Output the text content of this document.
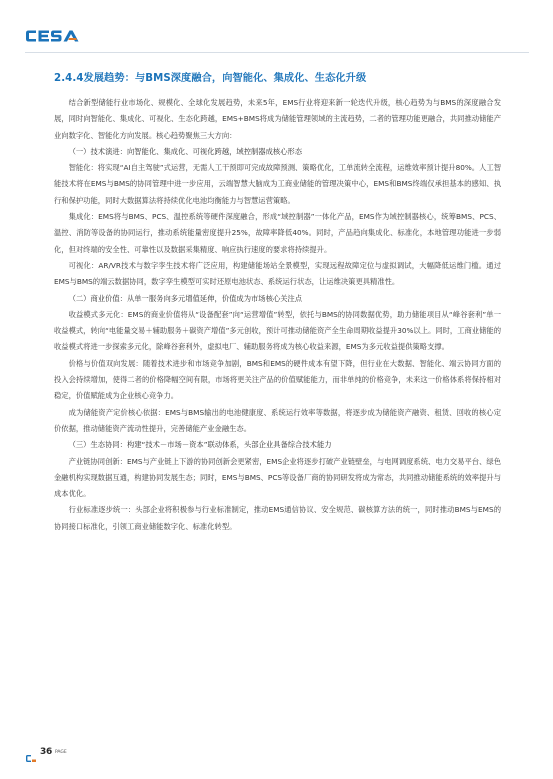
2.4.4发展趋势：与BMS深度融合，向智能化、集成化、生态化升级

结合新型储能行业市场化、规模化、全球化发展趋势，未来5年，EMS行业将迎来新一轮迭代升级，核心趋势为与BMS的深度融合发展，同时向智能化、集成化、可视化、生态化跨越，EMS+BMS将成为储能管理领域的主流趋势，二者的管理功能更融合，共同推动储能产业向数字化、智能化方向发展。核心趋势聚焦三大方向：

（一）技术演进：向智能化、集成化、可视化跨越，域控制器成核心形态

智能化：将实现“AI自主驾驶”式运营，无需人工干预即可完成故障预测、策略优化，工单流转全流程，运维效率预计提升80%。人工智能技术将在EMS与BMS的协同管理中进一步应用，云端智慧大脑成为工商业储能的管理决策中心，EMS和BMS终端仅承担基本的感知、执行和保护功能，同时大数据算法将持续优化电池均衡能力与智慧运营策略。

集成化：EMS将与BMS、PCS、温控系统等硬件深度融合，形成“域控制器”一体化产品，EMS作为域控制器核心，统筹BMS、PCS、温控、消防等设备的协同运行，推动系统能量密度提升25%，故障率降低40%。同时，产品趋向集成化、标准化，本地管理功能进一步弱化，但对终端的安全性、可靠性以及数据采集精度、响应执行速度的要求将持续提升。

可视化：AR/VR技术与数字孪生技术将广泛应用，构建储能场站全景模型，实现远程故障定位与虚拟调试，大幅降低运维门槛。通过EMS与BMS的端云数据协同，数字孪生模型可实时还原电池状态、系统运行状态，让运维决策更具精准性。

（二）商业价值：从单一服务向多元增值延伸，价值成为市场核心关注点

收益模式多元化：EMS的商业价值将从“设备配套”向“运营增值”转型，依托与BMS的协同数据优势，助力储能项目从“峰谷套利”单一收益模式，转向“电能量交易＋辅助服务＋碳资产增值”多元创收，预计可推动储能资产全生命周期收益提升30%以上。同时，工商业储能的收益模式将进一步探索多元化，除峰谷套利外，虚拟电厂、辅助服务将成为核心收益来源，EMS为多元收益提供策略支撑。

价格与价值双向发展：随着技术进步和市场竞争加剧，BMS和EMS的硬件成本有望下降，但行业在大数据、智能化、端云协同方面的投入会持续增加，使得二者的价格降幅空间有限，市场将更关注产品的价值赋能能力，而非单纯的价格竞争，未来这一价格体系将保持相对稳定，价值赋能成为企业核心竞争力。

成为储能资产定价核心依据：EMS与BMS输出的电池健康度、系统运行效率等数据，将逐步成为储能资产融资、租赁、回收的核心定价依据，推动储能资产流动性提升，完善储能产业金融生态。

（三）生态协同：构建“技术－市场－资本”联动体系，头部企业具备综合技术能力

产业链协同创新：EMS与产业链上下游的协同创新会更紧密，EMS企业将逐步打破产业链壁垒，与电网调度系统、电力交易平台、绿色金融机构实现数据互通，构建协同发展生态；同时，EMS与BMS、PCS等设备厂商的协同研发将成为常态，共同推动储能系统的效率提升与成本优化。

行业标准逐步统一：头部企业将积极参与行业标准制定，推动EMS通信协议、安全规范、碳核算方法的统一，同时推动BMS与EMS的协同接口标准化，引领工商业储能数字化、标准化转型。

36 PAGE
